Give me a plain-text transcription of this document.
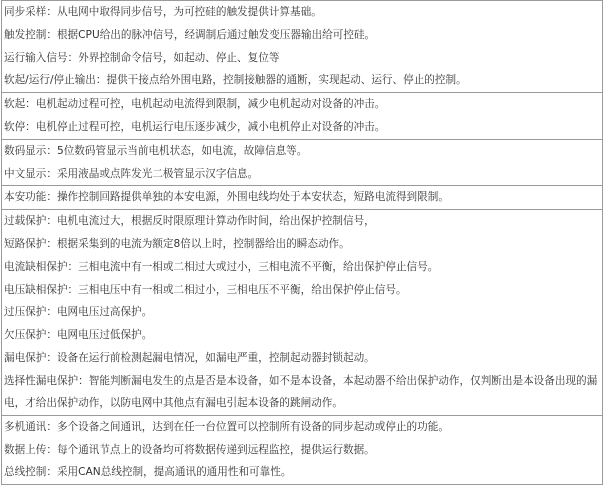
同步采样：从电网中取得同步信号，为可控硅的触发提供计算基础。
触发控制：根据CPU给出的脉冲信号，经调制后通过触发变压器输出给可控硅。
运行输入信号：外界控制命令信号，如起动、停止、复位等
软起/运行/停止输出：提供干接点给外围电路，控制接触器的通断，实现起动、运行、停止的控制。

软起：电机起动过程可控，电机起动电流得到限制，减少电机起动对设备的冲击。
软停：电机停止过程可控，电机运行电压逐步减少，减小电机停止对设备的冲击。

数码显示：5位数码管显示当前电机状态，如电流，故障信息等。
中文显示：采用液晶或点阵发光二极管显示汉字信息。

本安功能：操作控制回路提供单独的本安电源，外围电线均处于本安状态，短路电流得到限制。

过载保护：电机电流过大，根据反时限原理计算动作时间，给出保护控制信号，
短路保护：根据采集到的电流为额定8倍以上时，控制器给出的瞬态动作。
电流缺相保护：三相电流中有一相或二相过大或过小，三相电流不平衡，给出保护停止信号。
电压缺相保护：三相电压中有一相或二相过小，三相电压不平衡，给出保护停止信号。
过压保护：电网电压过高保护。
欠压保护：电网电压过低保护。
漏电保护：设备在运行前检测起漏电情况，如漏电严重，控制起动器封锁起动。
选择性漏电保护：智能判断漏电发生的点是否是本设备，如不是本设备，本起动器不给出保护动作，仅判断出是本设备出现的漏电，才给出保护动作，以防电网中其他点有漏电引起本设备的跳闸动作。

多机通讯：多个设备之间通讯，达到在任一台位置可以控制所有设备的同步起动或停止的功能。
数据上传：每个通讯节点上的设备均可将数据传递到远程监控，提供运行数据。
总线控制：采用CAN总线控制，提高通讯的通用性和可靠性。
